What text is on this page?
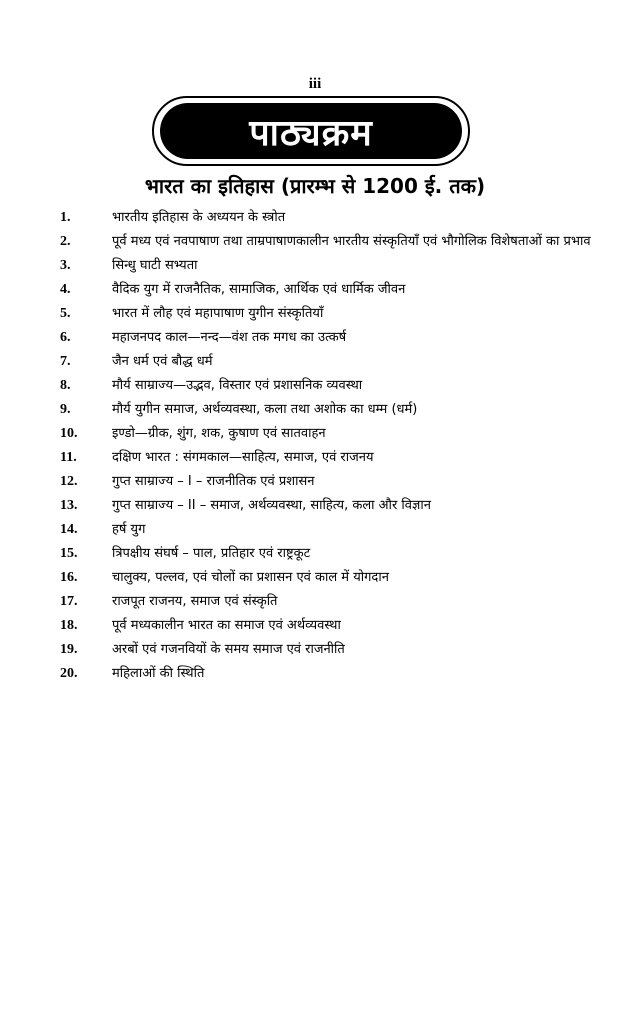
iii
पाठ्यक्रम
भारत का इतिहास (प्रारम्भ से 1200 ई. तक)
1.	भारतीय इतिहास के अध्ययन के स्त्रोत
2.	पूर्व मध्य एवं नवपाषाण तथा ताम्रपाषाणकालीन भारतीय संस्कृतियाँ एवं भौगोलिक विशेषताओं का प्रभाव
3.	सिन्धु घाटी सभ्यता
4.	वैदिक युग में राजनैतिक, सामाजिक, आर्थिक एवं धार्मिक जीवन
5.	भारत में लौह एवं महापाषाण युगीन संस्कृतियाँ
6.	महाजनपद काल—नन्द—वंश तक मगध का उत्कर्ष
7.	जैन धर्म एवं बौद्ध धर्म
8.	मौर्य साम्राज्य—उद्भव, विस्तार एवं प्रशासनिक व्यवस्था
9.	मौर्य युगीन समाज, अर्थव्यवस्था, कला तथा अशोक का धम्म (धर्म)
10.	इण्डो—ग्रीक, शुंग, शक, कुषाण एवं सातवाहन
11.	दक्षिण भारत : संगमकाल—साहित्य, समाज, एवं राजनय
12.	गुप्त साम्राज्य – I – राजनीतिक एवं प्रशासन
13.	गुप्त साम्राज्य – II – समाज, अर्थव्यवस्था, साहित्य, कला और विज्ञान
14.	हर्ष युग
15.	त्रिपक्षीय संघर्ष – पाल, प्रतिहार एवं राष्ट्रकूट
16.	चालुक्य, पल्लव, एवं चोलों का प्रशासन एवं काल में योगदान
17.	राजपूत राजनय, समाज एवं संस्कृति
18.	पूर्व मध्यकालीन भारत का समाज एवं अर्थव्यवस्था
19.	अरबों एवं गजनवियों के समय समाज एवं राजनीति
20.	महिलाओं की स्थिति
